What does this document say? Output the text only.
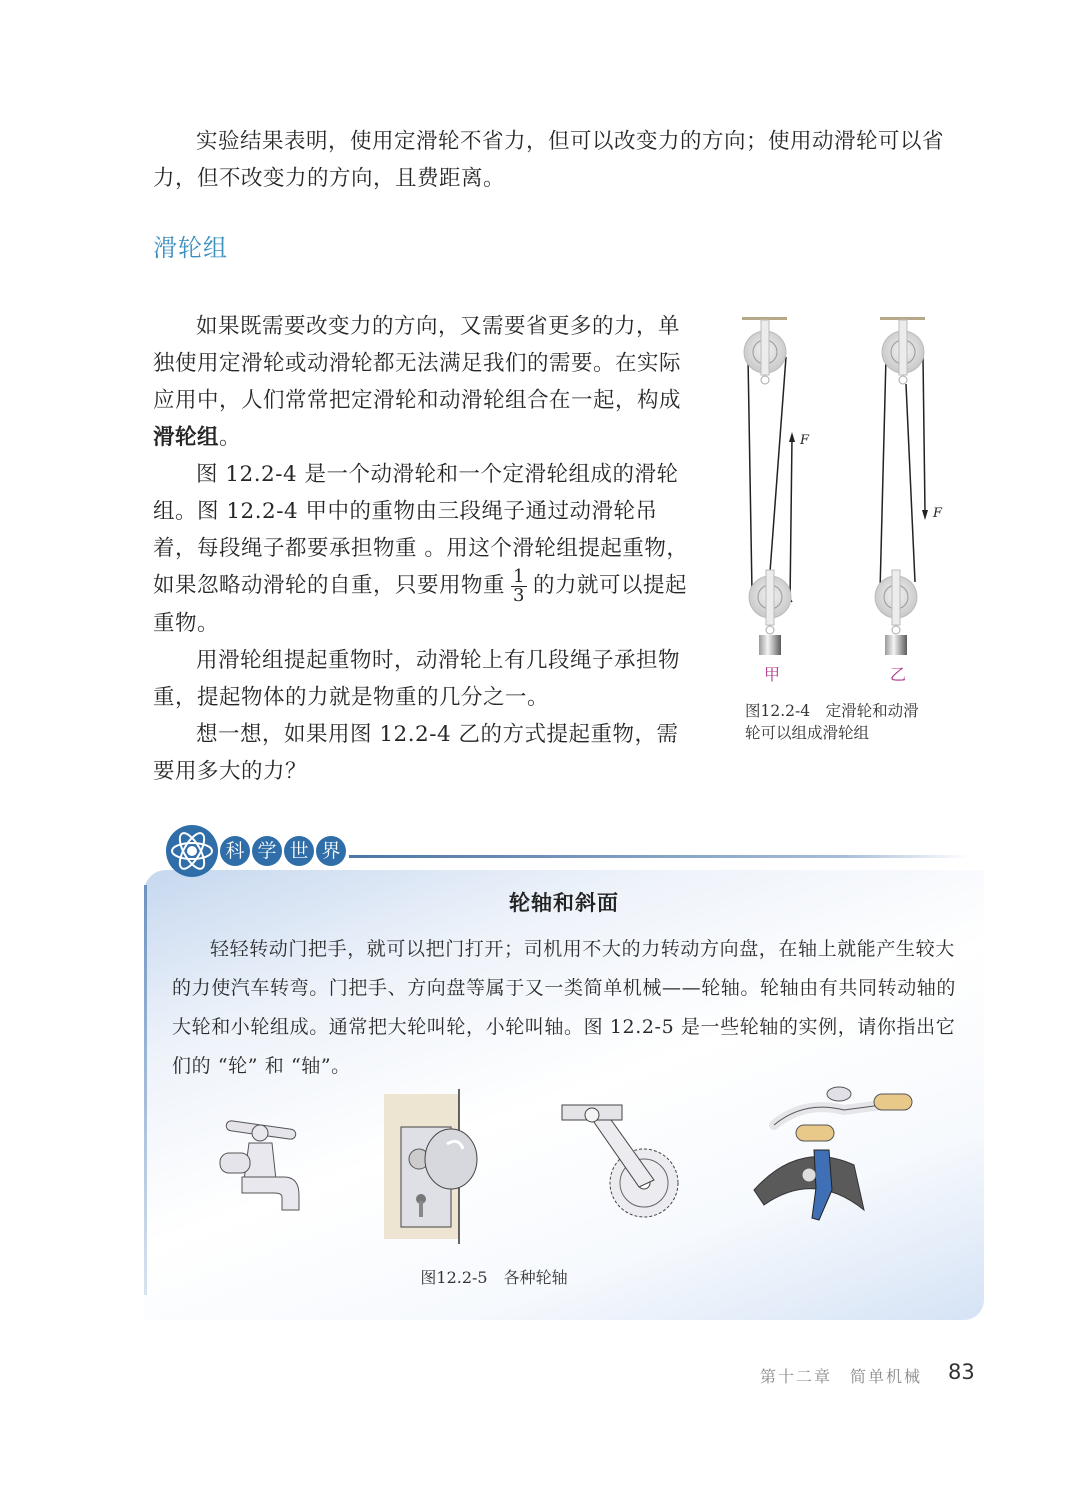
实验结果表明，使用定滑轮不省力，但可以改变力的方向；使用动滑轮可以省力，但不改变力的方向，且费距离。
滑轮组

如果既需要改变力的方向，又需要省更多的力，单独使用定滑轮或动滑轮都无法满足我们的需要。在实际应用中，人们常常把定滑轮和动滑轮组合在一起，构成滑轮组。

图 12.2-4 是一个动滑轮和一个定滑轮组成的滑轮组。图 12.2-4 甲中的重物由三段绳子通过动滑轮吊着，每段绳子都要承担物重 。用这个滑轮组提起重物，如果忽略动滑轮的自重，只要用物重 $\frac{1}{3}$ 的力就可以提起重物。

用滑轮组提起重物时，动滑轮上有几段绳子承担物重，提起物体的力就是物重的几分之一。

想一想，如果用图 12.2-4 乙的方式提起重物，需要用多大的力？

F
F
甲	乙
图12.2-4　定滑轮和动滑
轮可以组成滑轮组
科 学 世 界
轮轴和斜面

轻轻转动门把手，就可以把门打开；司机用不大的力转动方向盘，在轴上就能产生较大的力使汽车转弯。门把手、方向盘等属于又一类简单机械——轮轴。轮轴由有共同转动轴的大轮和小轮组成。通常把大轮叫轮，小轮叫轴。图 12.2-5 是一些轮轴的实例，请你指出它们的 “轮” 和 “轴”。

图12.2-5　各种轮轴
第十二章　简单机械 83
